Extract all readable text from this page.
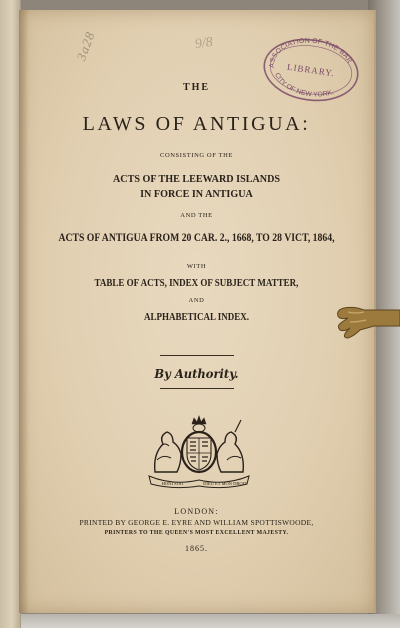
3a28	9/8
ASSOCIATION OF THE BAR
LIBRARY.
CITY OF NEW YORK.
THE
LAWS OF ANTIGUA:
CONSISTING OF THE
ACTS OF THE LEEWARD ISLANDS
IN FORCE IN ANTIGUA
AND THE
ACTS OF ANTIGUA FROM 20 CAR. 2., 1668, TO 28 VICT, 1864,
WITH
TABLE OF ACTS, INDEX OF SUBJECT MATTER,
AND
ALPHABETICAL INDEX.
By Authority.
HONI SOIT	DIEU ET MON DROIT
LONDON:
PRINTED BY GEORGE E. EYRE AND WILLIAM SPOTTISWOODE,
PRINTERS TO THE QUEEN'S MOST EXCELLENT MAJESTY.
1865.
